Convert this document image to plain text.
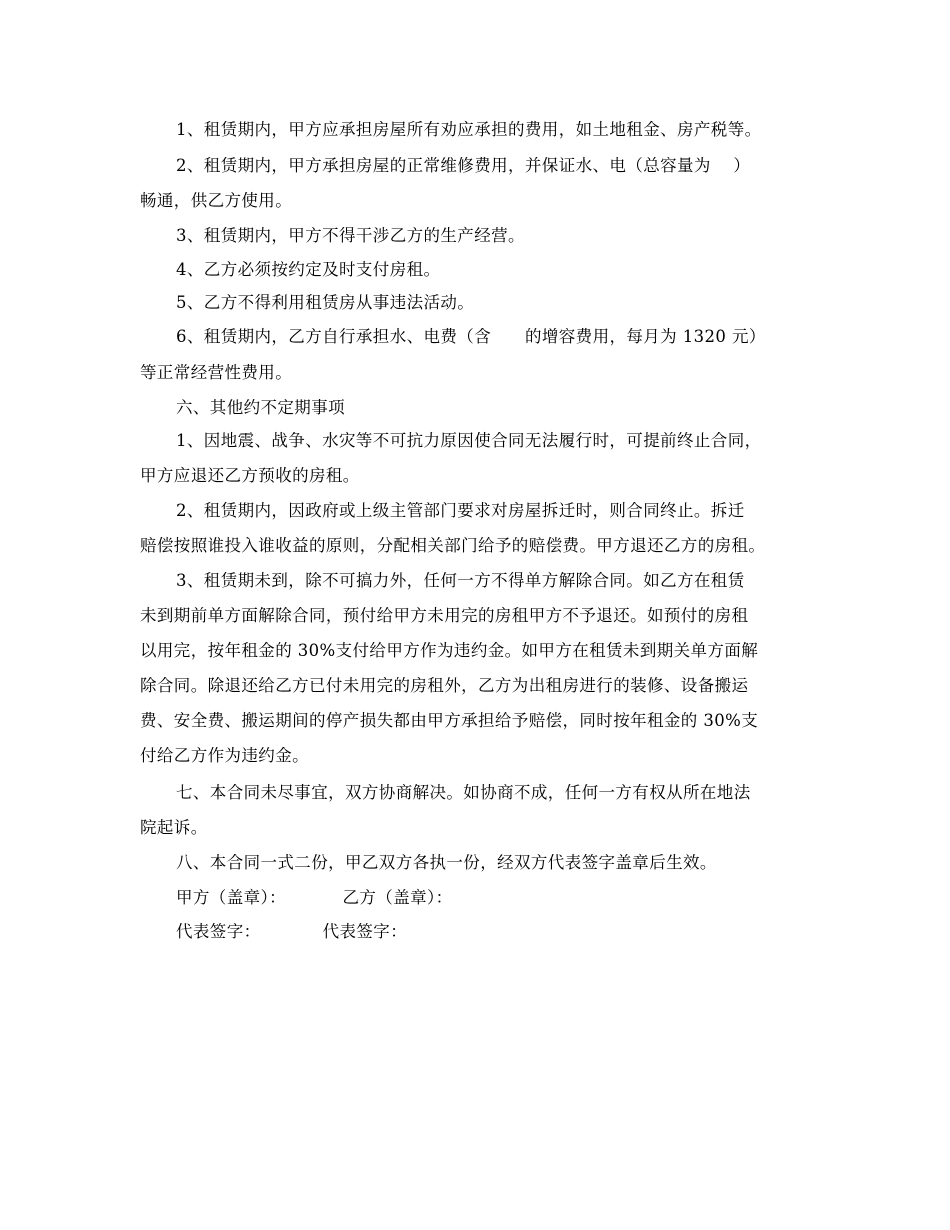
1、租赁期内，甲方应承担房屋所有劝应承担的费用，如土地租金、房产税等。
2、租赁期内，甲方承担房屋的正常维修费用，并保证水、电（总容量为    ）
畅通，供乙方使用。
3、租赁期内，甲方不得干涉乙方的生产经营。
4、乙方必须按约定及时支付房租。
5、乙方不得利用租赁房从事违法活动。
6、租赁期内，乙方自行承担水、电费（含      的增容费用，每月为 1320 元）
等正常经营性费用。
六、其他约不定期事项
1、因地震、战争、水灾等不可抗力原因使合同无法履行时，可提前终止合同，
甲方应退还乙方预收的房租。
2、租赁期内，因政府或上级主管部门要求对房屋拆迁时，则合同终止。拆迁
赔偿按照谁投入谁收益的原则，分配相关部门给予的赔偿费。甲方退还乙方的房租。
3、租赁期未到，除不可搞力外，任何一方不得单方解除合同。如乙方在租赁
未到期前单方面解除合同，预付给甲方未用完的房租甲方不予退还。如预付的房租
以用完，按年租金的 30%支付给甲方作为违约金。如甲方在租赁未到期关单方面解
除合同。除退还给乙方已付未用完的房租外，乙方为出租房进行的装修、设备搬运
费、安全费、搬运期间的停产损失都由甲方承担给予赔偿，同时按年租金的 30%支
付给乙方作为违约金。
七、本合同未尽事宜，双方协商解决。如协商不成，任何一方有权从所在地法
院起诉。
八、本合同一式二份，甲乙双方各执一份，经双方代表签字盖章后生效。
甲方（盖章）：          乙方（盖章）：
代表签字：           代表签字：
